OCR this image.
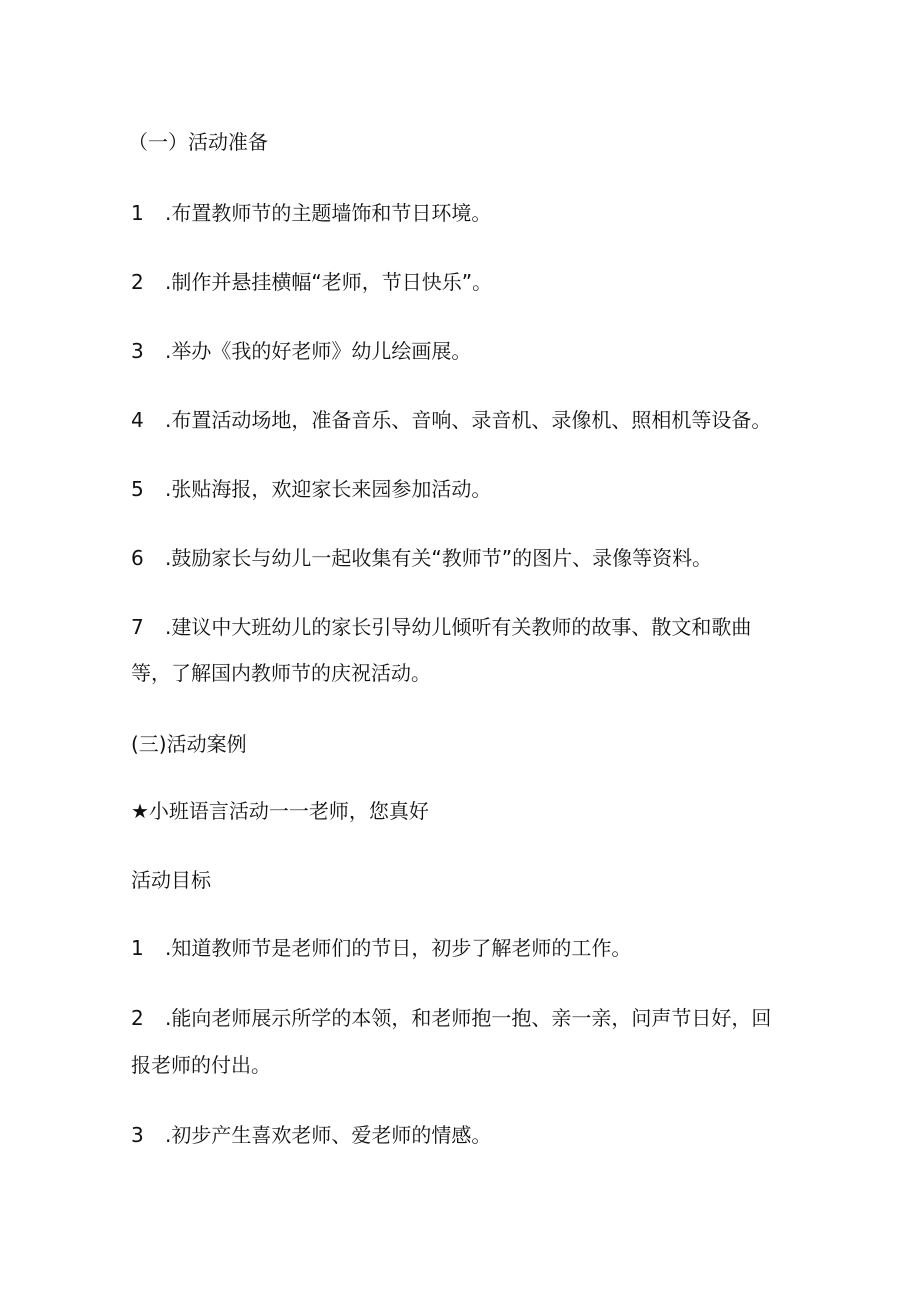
（一）活动准备
1 .布置教师节的主题墙饰和节日环境。
2 .制作并悬挂横幅“老师，节日快乐”。
3 .举办《我的好老师》幼儿绘画展。
4 .布置活动场地，准备音乐、音响、录音机、录像机、照相机等设备。
5 .张贴海报，欢迎家长来园参加活动。
6 .鼓励家长与幼儿一起收集有关“教师节”的图片、录像等资料。
7 .建议中大班幼儿的家长引导幼儿倾听有关教师的故事、散文和歌曲
等，了解国内教师节的庆祝活动。
(三)活动案例
★小班语言活动一一老师，您真好
活动目标
1 .知道教师节是老师们的节日，初步了解老师的工作。
2 .能向老师展示所学的本领，和老师抱一抱、亲一亲，问声节日好，回
报老师的付出。
3 .初步产生喜欢老师、爱老师的情感。
